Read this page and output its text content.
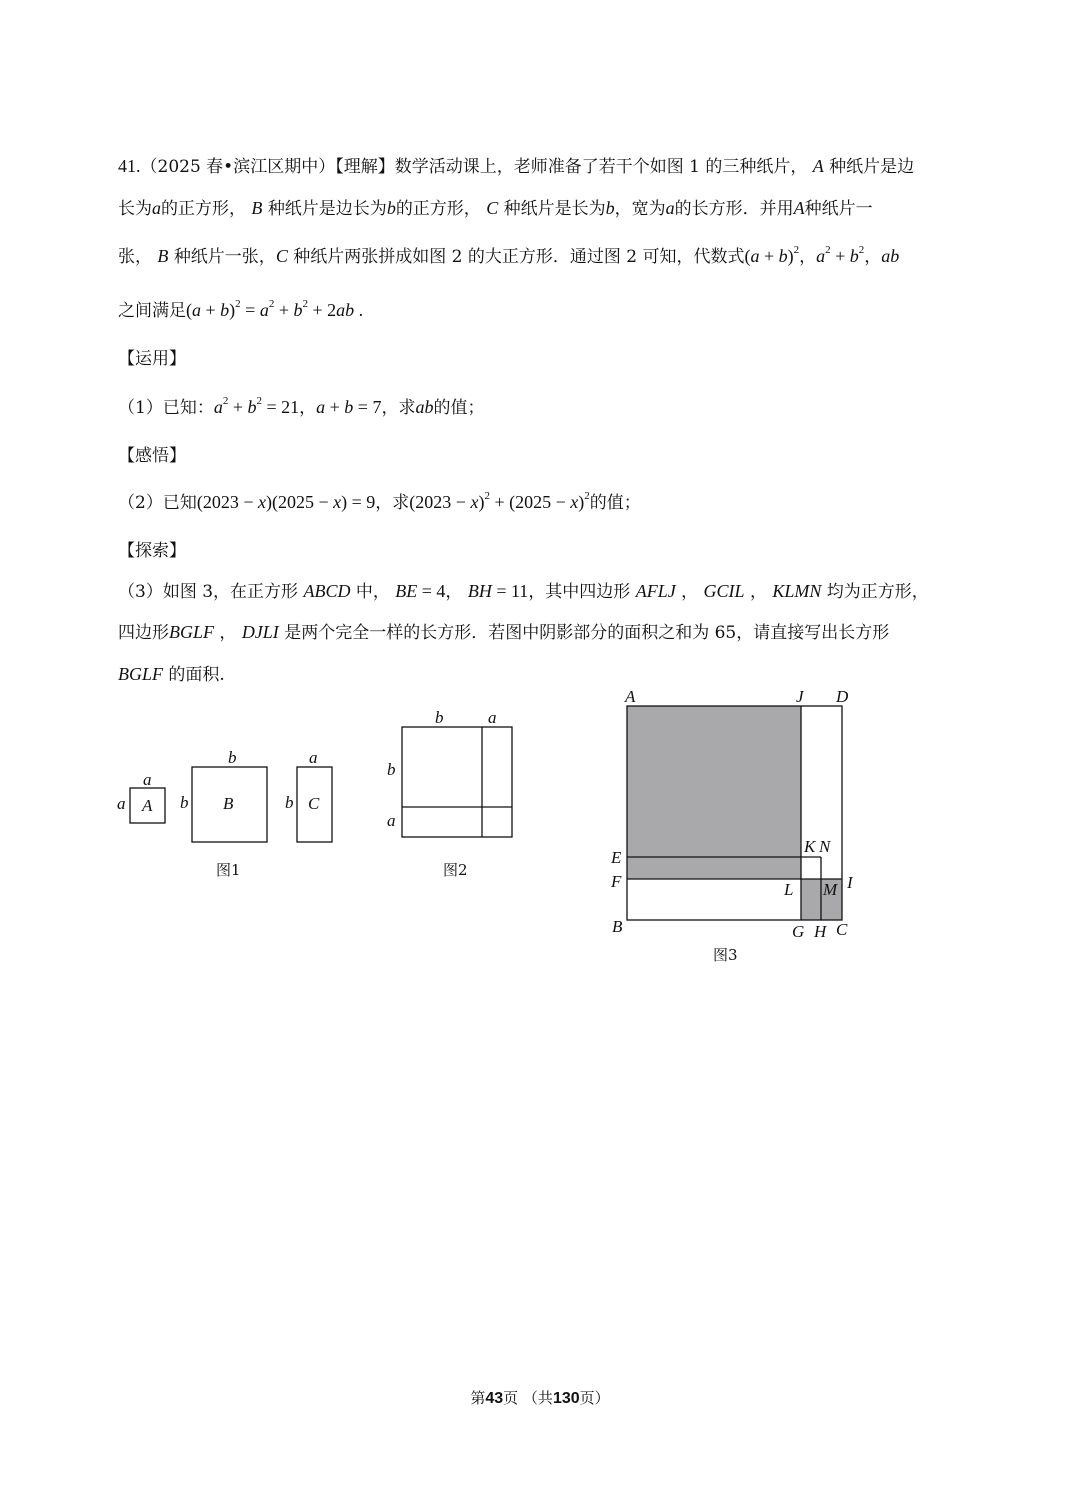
41.（2025 春•滨江区期中）【理解】数学活动课上，老师准备了若干个如图 1 的三种纸片， A 种纸片是边
长为a的正方形， B 种纸片是边长为b的正方形， C 种纸片是长为b，宽为a的长方形．并用A种纸片一
张， B 种纸片一张，C 种纸片两张拼成如图 2 的大正方形．通过图 2 可知，代数式$(a + b)^2$，$a^2 + b^2$，ab
之间满足$(a + b)^2 = a^2 + b^2 + 2ab$ .
【运用】
（1）已知：$a^2 + b^2 = 21$，a + b = 7，求ab的值；
【感悟】
（2）已知(2023 − x)(2025 − x) = 9，求$(2023 - x)^2 + (2025 - x)^2$的值；
【探索】
（3）如图 3，在正方形 ABCD 中， BE = 4， BH = 11，其中四边形 AFLJ ， GCIL ， KLMN 均为正方形，
四边形BGLF ， DJLI 是两个完全一样的长方形．若图中阴影部分的面积之和为 65，请直接写出长方形
BGLF 的面积.
a
a A
b
b B
a
b C
图1
b	a
b
a
图2
A	J D
E
K N
F	L M I
B	G H C
图3
第43页 （共130页）
